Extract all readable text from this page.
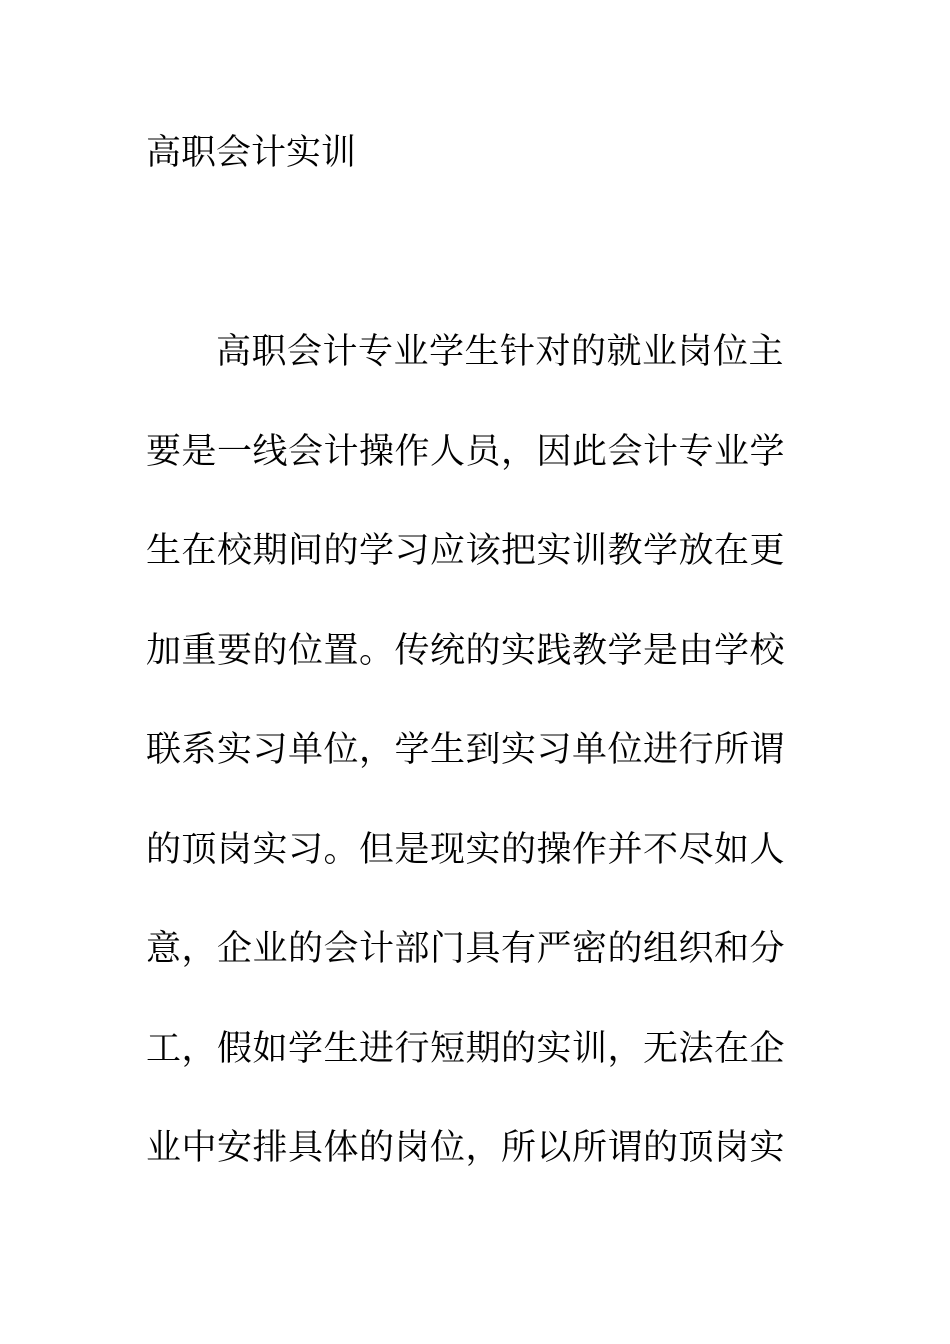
高职会计实训
高职会计专业学生针对的就业岗位主
要是一线会计操作人员，因此会计专业学
生在校期间的学习应该把实训教学放在更
加重要的位置。传统的实践教学是由学校
联系实习单位，学生到实习单位进行所谓
的顶岗实习。但是现实的操作并不尽如人
意，企业的会计部门具有严密的组织和分
工，假如学生进行短期的实训，无法在企
业中安排具体的岗位，所以所谓的顶岗实
